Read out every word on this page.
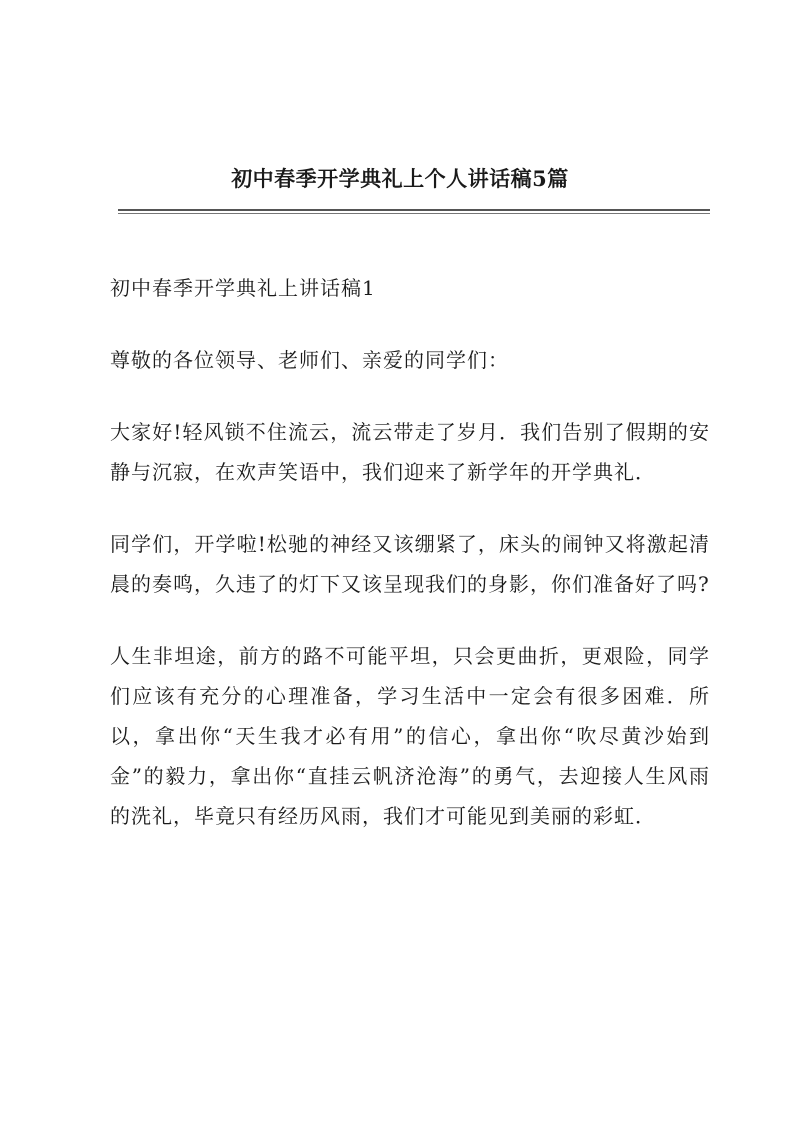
初中春季开学典礼上个人讲话稿5篇

初中春季开学典礼上讲话稿1

尊敬的各位领导、老师们、亲爱的同学们：

大家好!轻风锁不住流云，流云带走了岁月．我们告别了假期的安静与沉寂，在欢声笑语中，我们迎来了新学年的开学典礼．

同学们，开学啦!松驰的神经又该绷紧了，床头的闹钟又将激起清晨的奏鸣，久违了的灯下又该呈现我们的身影，你们准备好了吗?

人生非坦途，前方的路不可能平坦，只会更曲折，更艰险，同学们应该有充分的心理准备，学习生活中一定会有很多困难．所以，拿出你“天生我才必有用”的信心，拿出你“吹尽黄沙始到金”的毅力，拿出你“直挂云帆济沧海”的勇气，去迎接人生风雨的洗礼，毕竟只有经历风雨，我们才可能见到美丽的彩虹．
